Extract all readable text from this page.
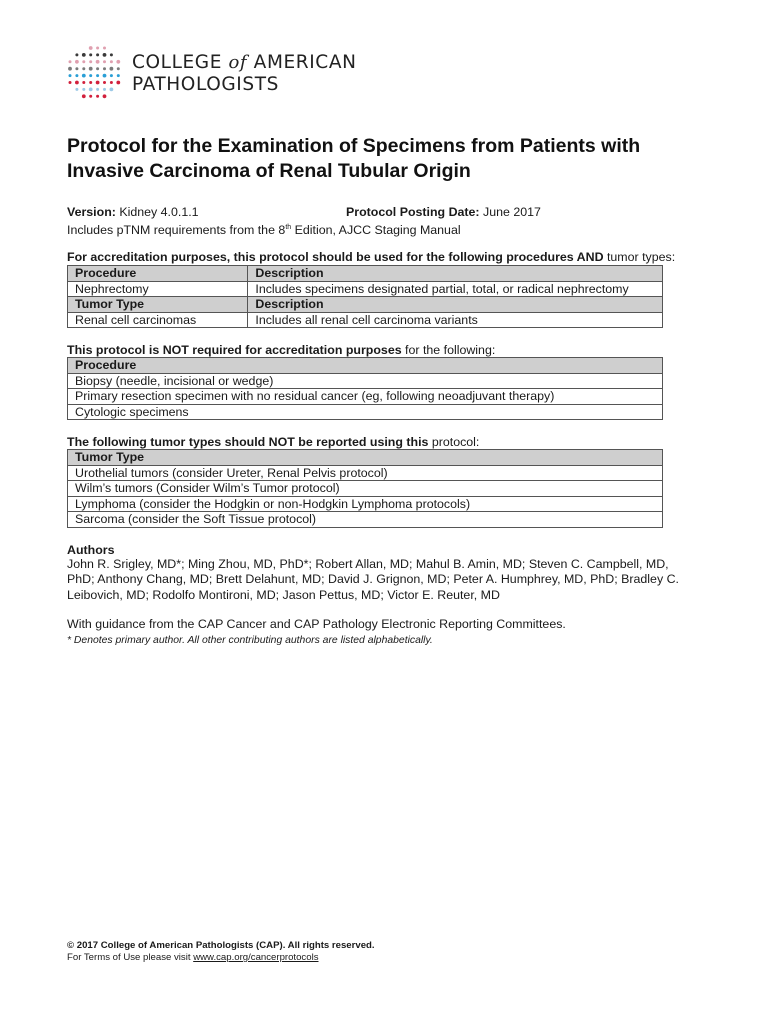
COLLEGE of AMERICAN
PATHOLOGISTS
Protocol for the Examination of Specimens from Patients with Invasive Carcinoma of Renal Tubular Origin
Version: Kidney 4.0.1.1	Protocol Posting Date: June 2017
Includes pTNM requirements from the 8th Edition, AJCC Staging Manual
For accreditation purposes, this protocol should be used for the following procedures AND tumor types:
Procedure	Description
Nephrectomy	Includes specimens designated partial, total, or radical nephrectomy
Tumor Type	Description
Renal cell carcinomas	Includes all renal cell carcinoma variants
This protocol is NOT required for accreditation purposes for the following:
Procedure
Biopsy (needle, incisional or wedge)
Primary resection specimen with no residual cancer (eg, following neoadjuvant therapy)
Cytologic specimens
The following tumor types should NOT be reported using this protocol:
Tumor Type
Urothelial tumors (consider Ureter, Renal Pelvis protocol)
Wilm’s tumors (Consider Wilm’s Tumor protocol)
Lymphoma (consider the Hodgkin or non-Hodgkin Lymphoma protocols)
Sarcoma (consider the Soft Tissue protocol)
Authors
John R. Srigley, MD*; Ming Zhou, MD, PhD*; Robert Allan, MD; Mahul B. Amin, MD; Steven C. Campbell, MD, PhD; Anthony Chang, MD; Brett Delahunt, MD; David J. Grignon, MD; Peter A. Humphrey, MD, PhD; Bradley C. Leibovich, MD; Rodolfo Montironi, MD; Jason Pettus, MD; Victor E. Reuter, MD
With guidance from the CAP Cancer and CAP Pathology Electronic Reporting Committees.
* Denotes primary author. All other contributing authors are listed alphabetically.
© 2017 College of American Pathologists (CAP). All rights reserved.
For Terms of Use please visit www.cap.org/cancerprotocols
